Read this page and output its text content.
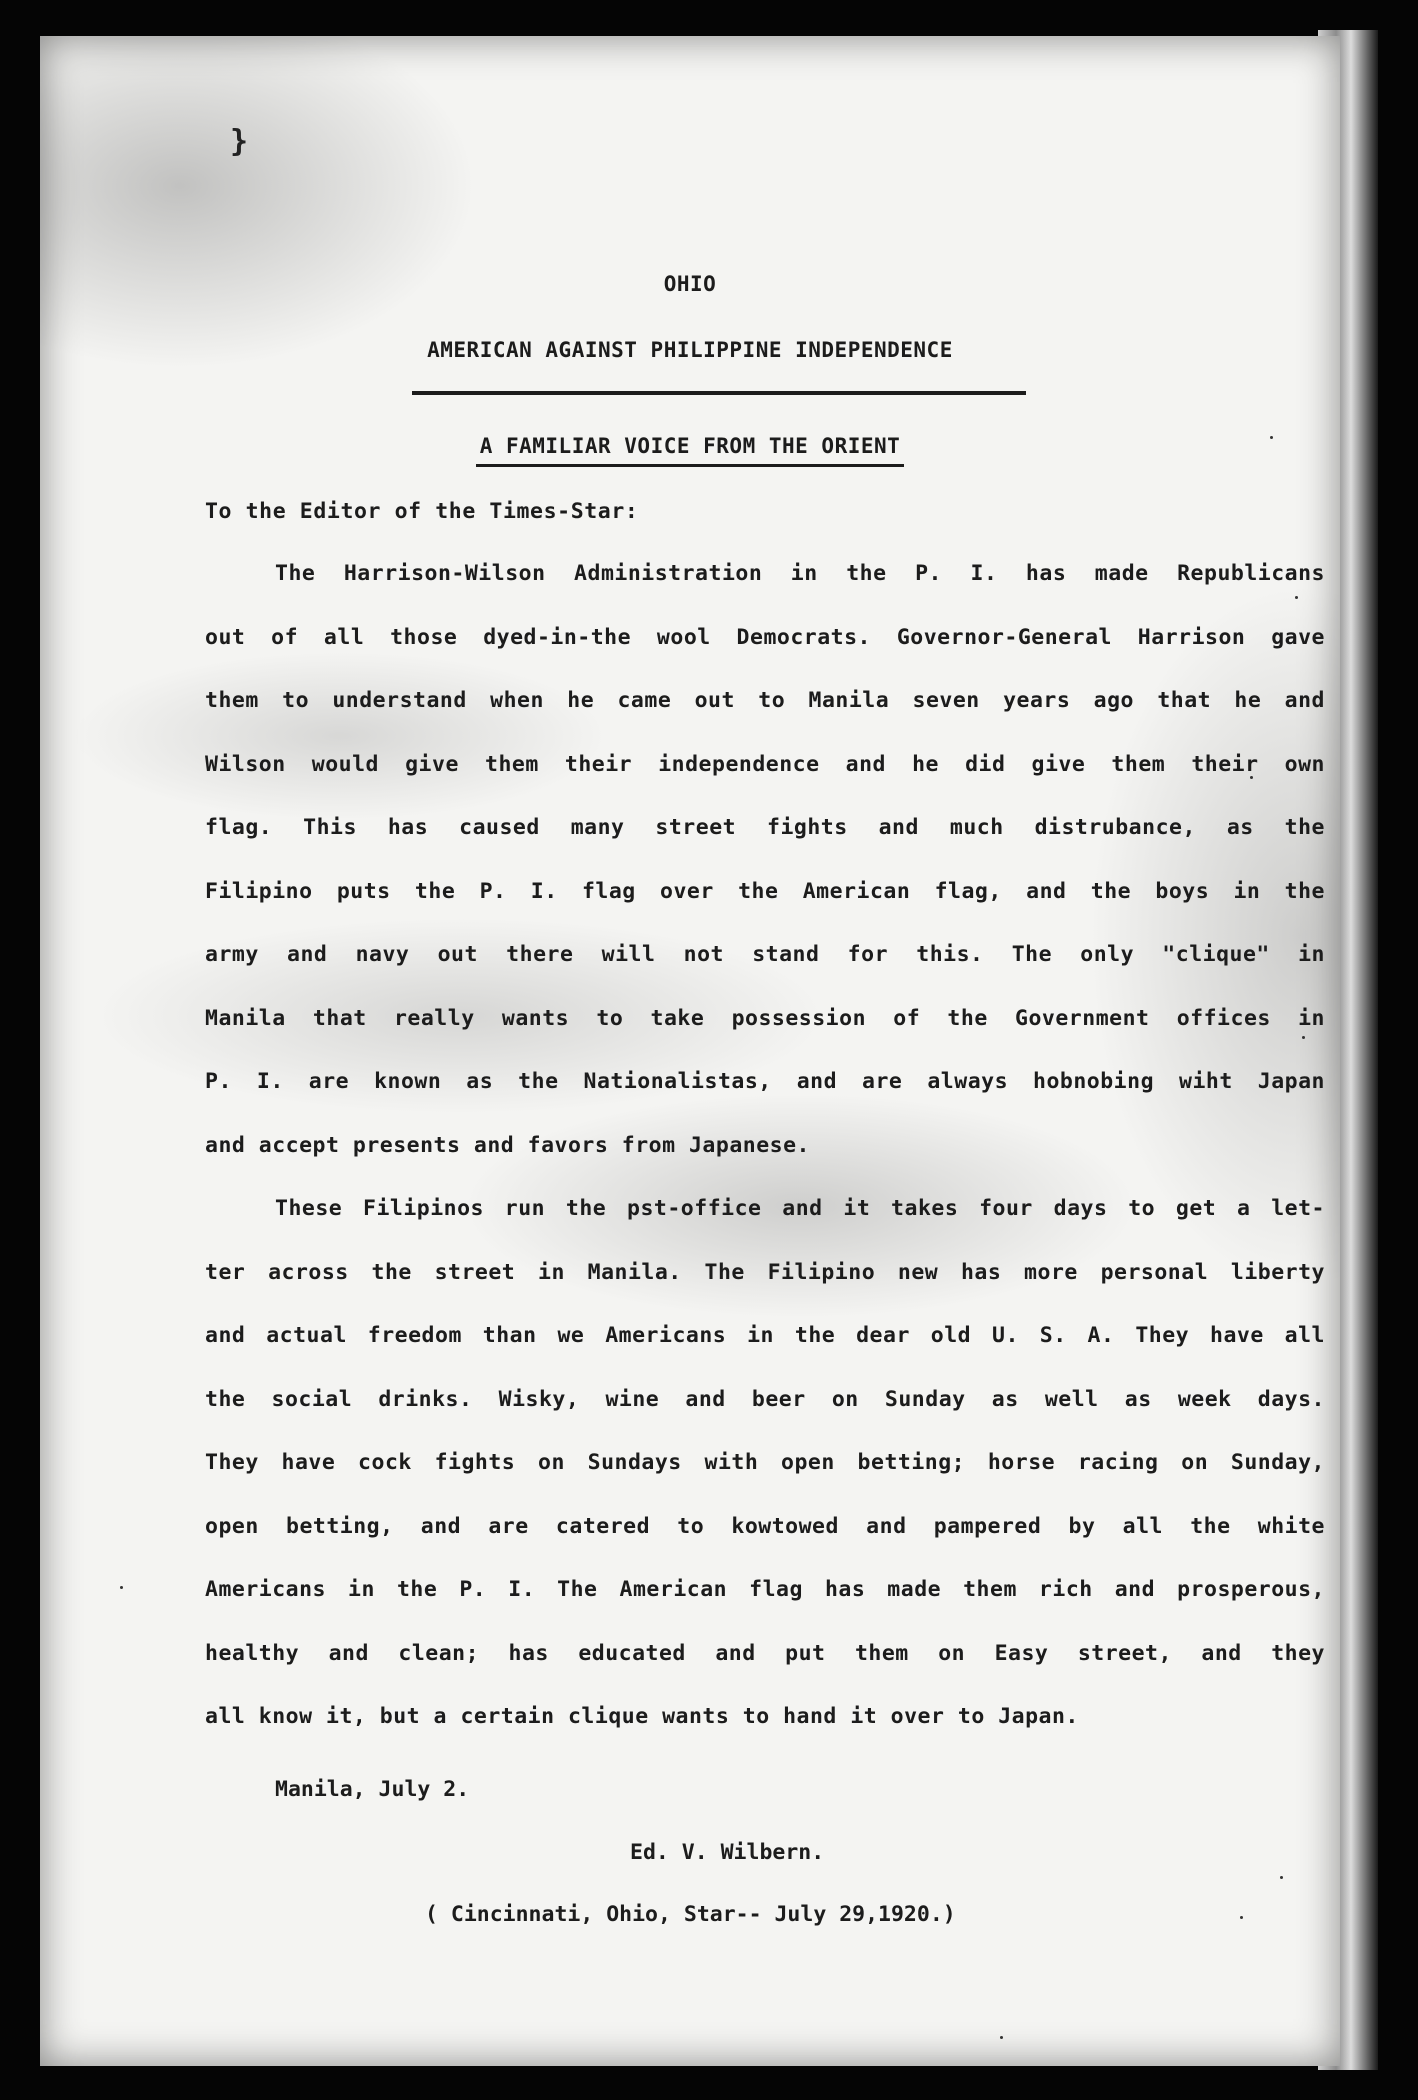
}
OHIO
AMERICAN AGAINST PHILIPPINE INDEPENDENCE
A FAMILIAR VOICE FROM THE ORIENT
To the Editor of the Times-Star:
The Harrison-Wilson Administration in the P. I. has made Republicans
out of all those dyed-in-the wool Democrats. Governor-General Harrison gave
them to understand when he came out to Manila seven years ago that he and
Wilson would give them their independence and he did give them their own
flag. This has caused many street fights and much distrubance, as the
Filipino puts the P. I. flag over the American flag, and the boys in the
army and navy out there will not stand for this. The only "clique" in
Manila that really wants to take possession of the Government offices in
P. I. are known as the Nationalistas, and are always hobnobing wiht Japan
and accept presents and favors from Japanese.
These Filipinos run the pst-office and it takes four days to get a let-
ter across the street in Manila. The Filipino new has more personal liberty
and actual freedom than we Americans in the dear old U. S. A. They have all
the social drinks. Wisky, wine and beer on Sunday as well as week days.
They have cock fights on Sundays with open betting; horse racing on Sunday,
open betting, and are catered to kowtowed and pampered by all the white
Americans in the P. I. The American flag has made them rich and prosperous,
healthy and clean; has educated and put them on Easy street, and they
all know it, but a certain clique wants to hand it over to Japan.
Manila, July 2.
Ed. V. Wilbern.
( Cincinnati, Ohio, Star-- July 29,1920.)
